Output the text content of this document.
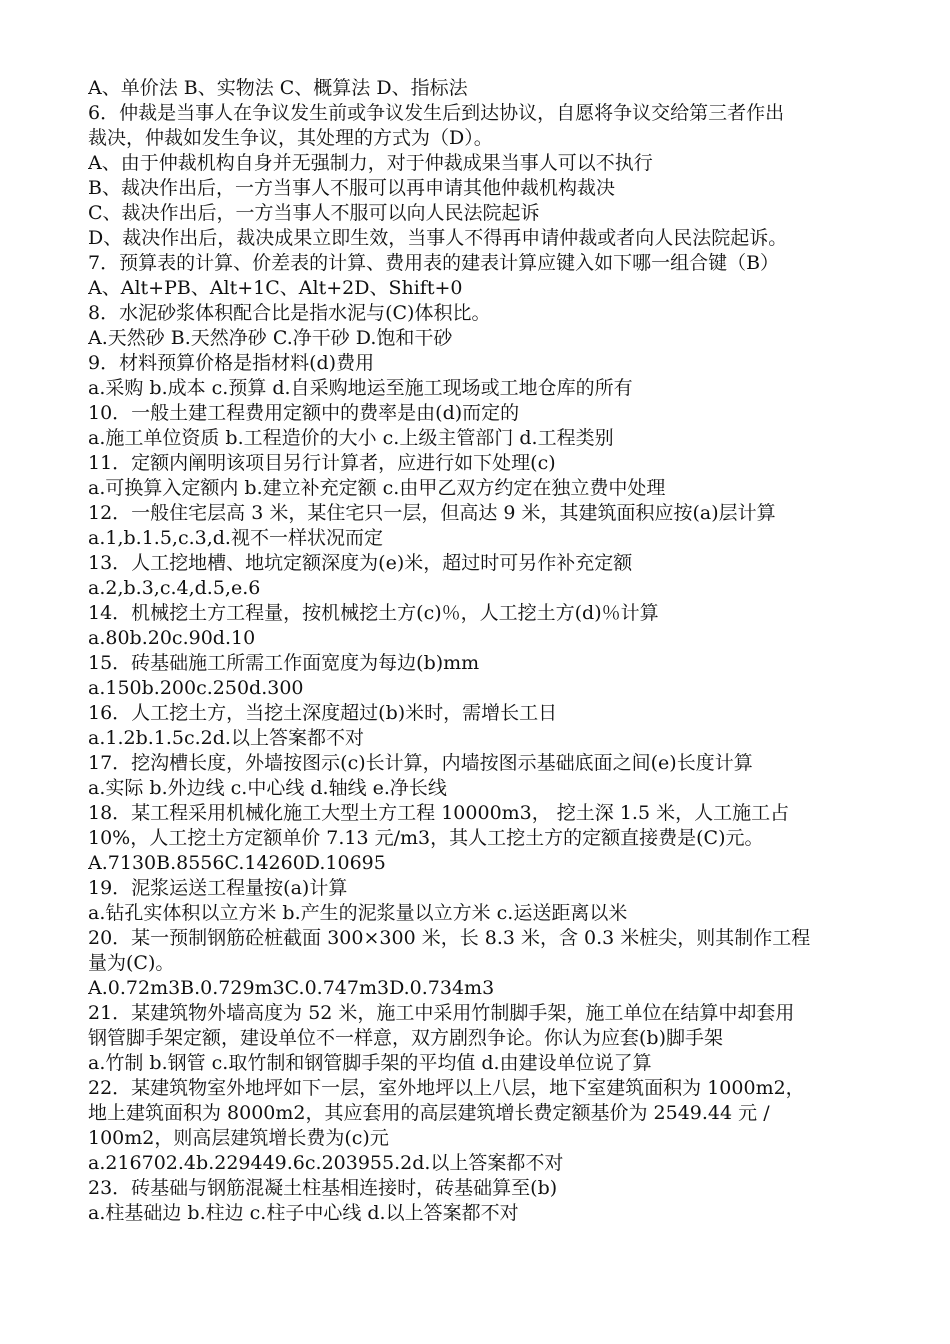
A、单价法 B、实物法 C、概算法 D、指标法
6．仲裁是当事人在争议发生前或争议发生后到达协议，自愿将争议交给第三者作出
裁决，仲裁如发生争议，其处理的方式为（D）。
A、由于仲裁机构自身并无强制力，对于仲裁成果当事人可以不执行
B、裁决作出后，一方当事人不服可以再申请其他仲裁机构裁决
C、裁决作出后，一方当事人不服可以向人民法院起诉
D、裁决作出后，裁决成果立即生效，当事人不得再申请仲裁或者向人民法院起诉。
7．预算表的计算、价差表的计算、费用表的建表计算应键入如下哪一组合键（B）
A、Alt+PB、Alt+1C、Alt+2D、Shift+0
8．水泥砂浆体积配合比是指水泥与(C)体积比。
A.天然砂 B.天然净砂 C.净干砂 D.饱和干砂
9．材料预算价格是指材料(d)费用
a.采购 b.成本 c.预算 d.自采购地运至施工现场或工地仓库的所有
10．一般土建工程费用定额中的费率是由(d)而定的
a.施工单位资质 b.工程造价的大小 c.上级主管部门 d.工程类别
11．定额内阐明该项目另行计算者，应进行如下处理(c)
a.可换算入定额内 b.建立补充定额 c.由甲乙双方约定在独立费中处理
12．一般住宅层高 3 米，某住宅只一层，但高达 9 米，其建筑面积应按(a)层计算
a.1,b.1.5,c.3,d.视不一样状况而定
13．人工挖地槽、地坑定额深度为(e)米，超过时可另作补充定额
a.2,b.3,c.4,d.5,e.6
14．机械挖土方工程量，按机械挖土方(c)％，人工挖土方(d)％计算
a.80b.20c.90d.10
15．砖基础施工所需工作面宽度为每边(b)mm
a.150b.200c.250d.300
16．人工挖土方，当挖土深度超过(b)米时，需增长工日
a.1.2b.1.5c.2d.以上答案都不对
17．挖沟槽长度，外墙按图示(c)长计算，内墙按图示基础底面之间(e)长度计算
a.实际 b.外边线 c.中心线 d.轴线 e.净长线
18．某工程采用机械化施工大型土方工程 10000m3， 挖土深 1.5 米，人工施工占
10%，人工挖土方定额单价 7.13 元/m3，其人工挖土方的定额直接费是(C)元。
A.7130B.8556C.14260D.10695
19．泥浆运送工程量按(a)计算
a.钻孔实体积以立方米 b.产生的泥浆量以立方米 c.运送距离以米
20．某一预制钢筋砼桩截面 300×300 米，长 8.3 米，含 0.3 米桩尖，则其制作工程
量为(C)。
A.0.72m3B.0.729m3C.0.747m3D.0.734m3
21．某建筑物外墙高度为 52 米，施工中采用竹制脚手架，施工单位在结算中却套用
钢管脚手架定额，建设单位不一样意，双方剧烈争论。你认为应套(b)脚手架
a.竹制 b.钢管 c.取竹制和钢管脚手架的平均值 d.由建设单位说了算
22．某建筑物室外地坪如下一层，室外地坪以上八层，地下室建筑面积为 1000m2，
地上建筑面积为 8000m2，其应套用的高层建筑增长费定额基价为 2549.44 元 /
100m2，则高层建筑增长费为(c)元
a.216702.4b.229449.6c.203955.2d.以上答案都不对
23．砖基础与钢筋混凝土柱基相连接时，砖基础算至(b)
a.柱基础边 b.柱边 c.柱子中心线 d.以上答案都不对
